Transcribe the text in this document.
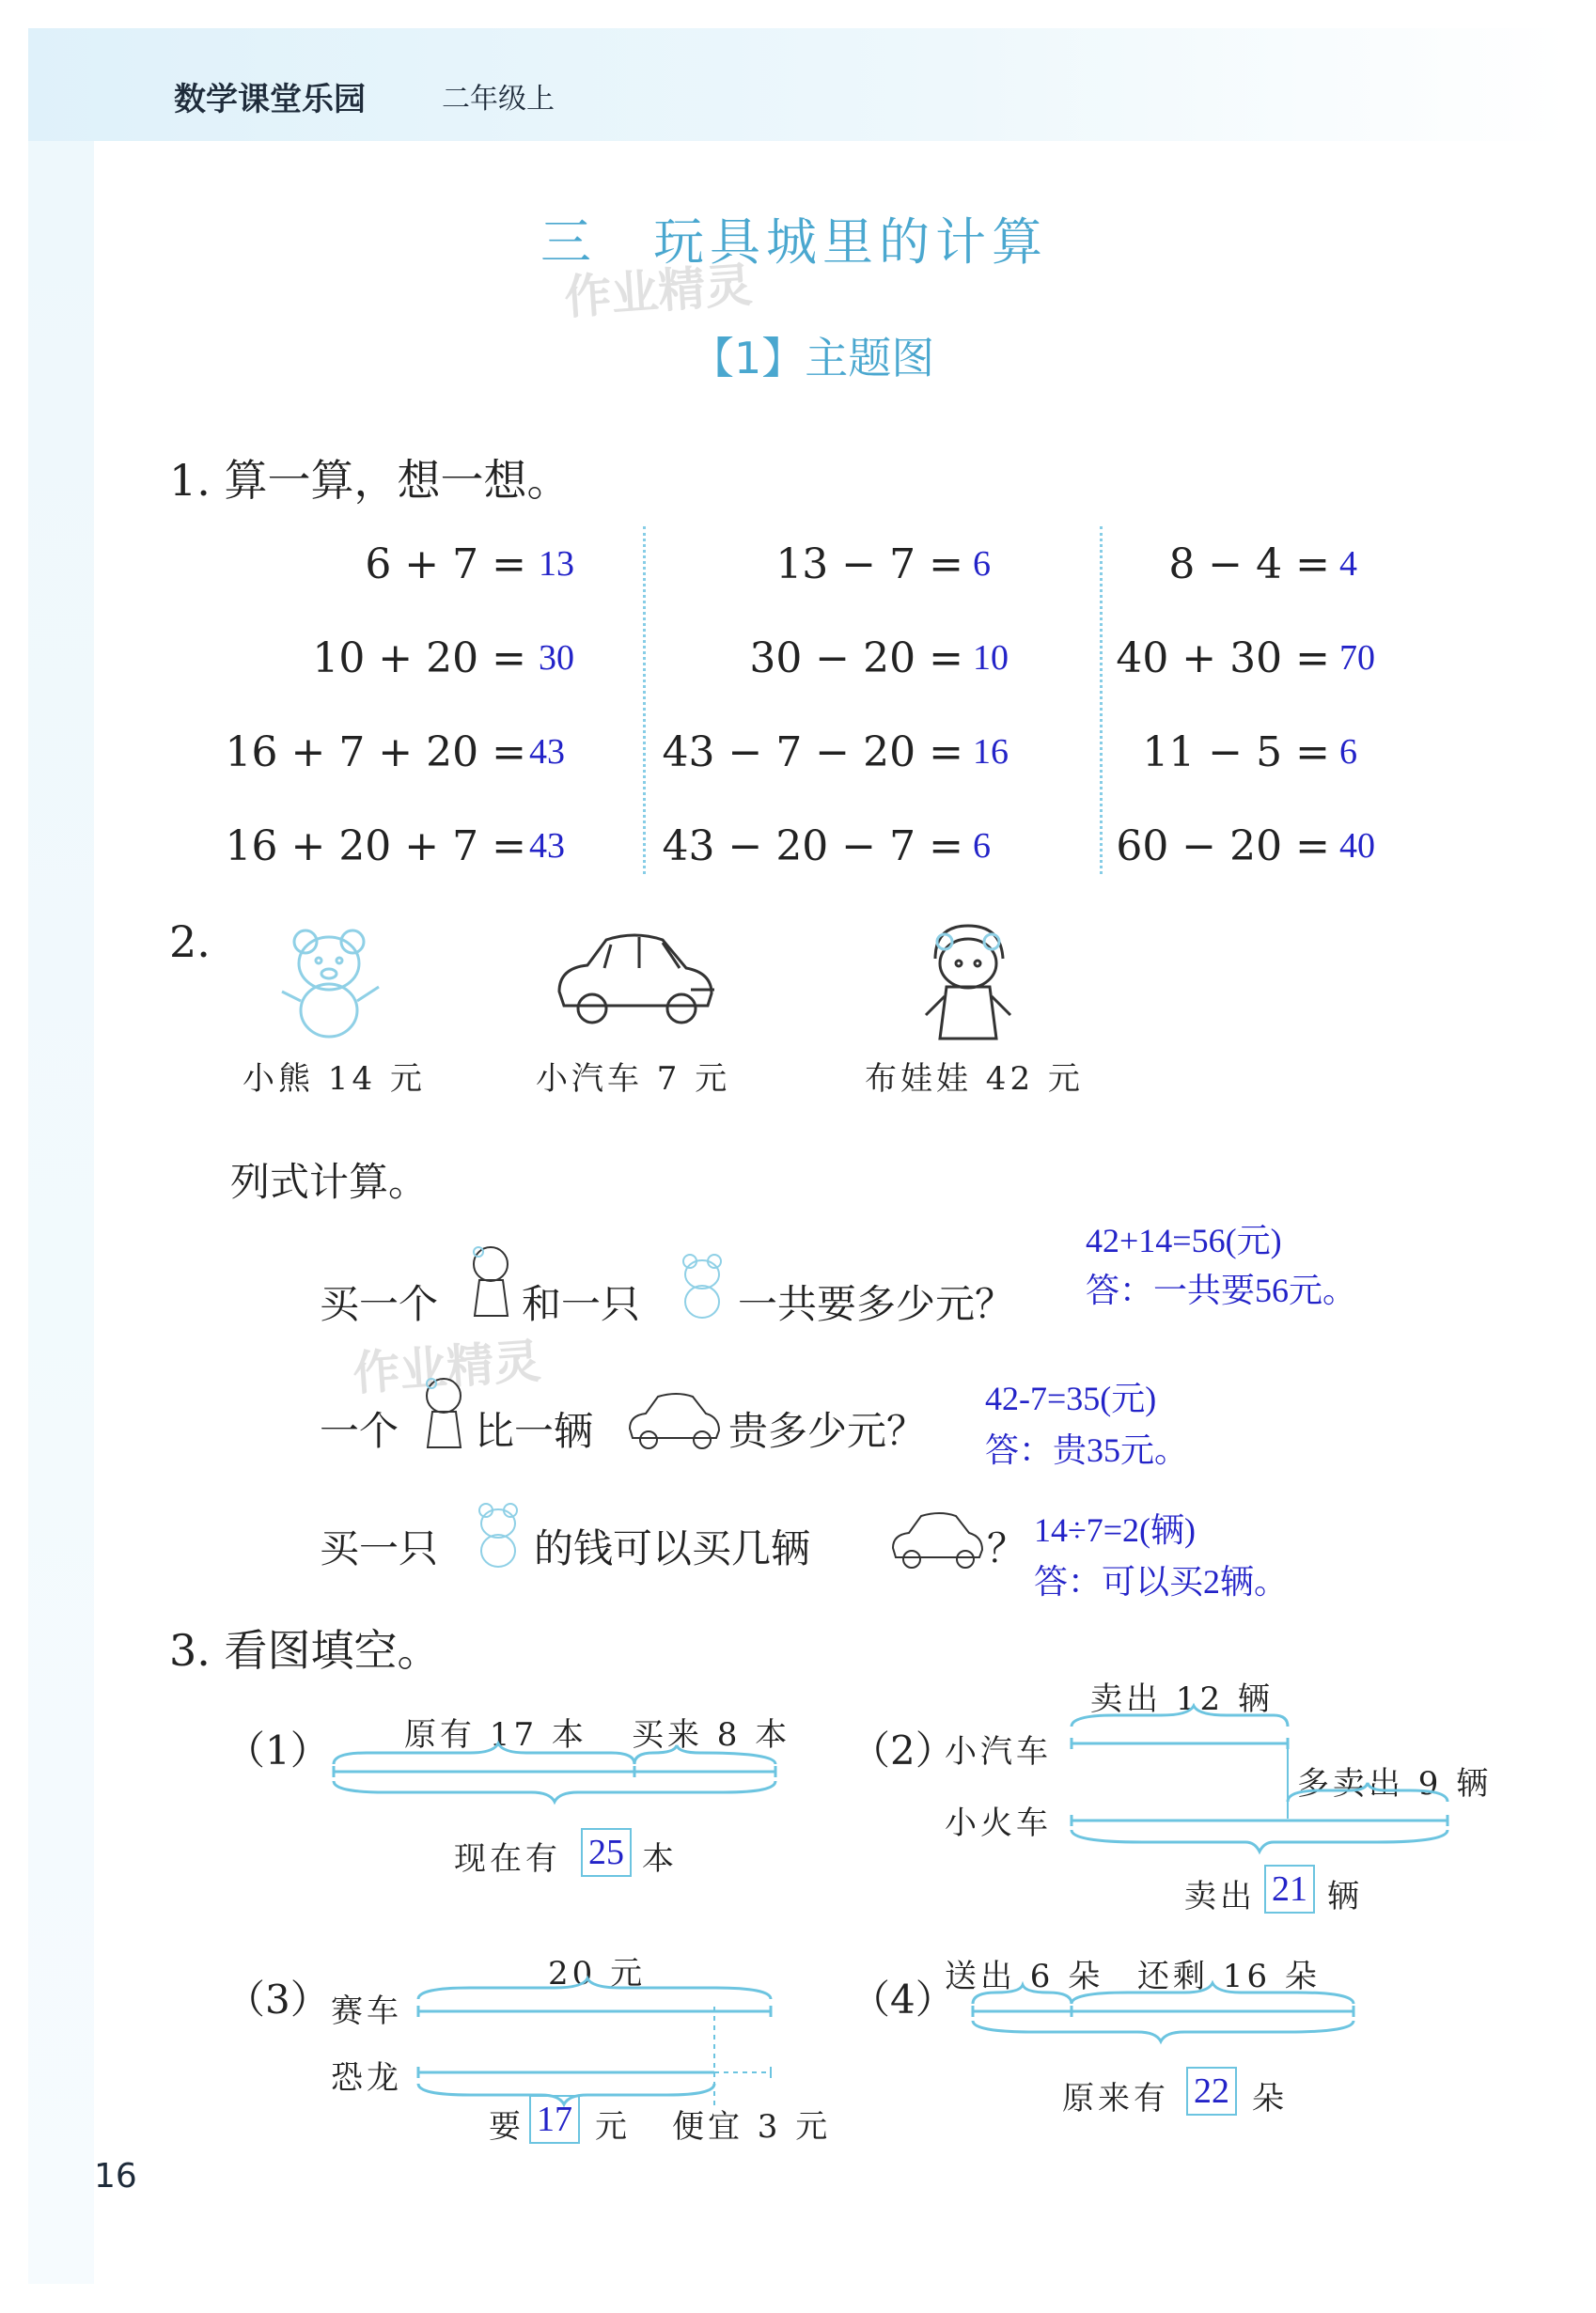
数学课堂乐园	二年级上
三　玩具城里的计算
作业精灵
【1】主题图
1. 算一算，想一想。
6 + 7 = 13
10 + 20 = 30
16 + 7 + 20 = 43
16 + 20 + 7 = 43
13 − 7 = 6
30 − 20 = 10
43 − 7 − 20 = 16
43 − 20 − 7 = 6
8 − 4 = 4
40 + 30 = 70
11 − 5 = 6
60 − 20 = 40
2.
小熊 14 元	小汽车 7 元	布娃娃 42 元
列式计算。
买一个 和一只 一共要多少元？
42+14=56(元)
答：一共要56元。
作业精灵
一个 比一辆	贵多少元？
42-7=35(元)
答：贵35元。
买一只 的钱可以买几辆	？ 14÷7=2(辆)
答：可以买2辆。
3. 看图填空。
（1） 原有 17 本 买来 8 本
现在有 25 本
（2）
卖出 12 辆
小汽车
小火车
多卖出 9 辆
卖出 21 辆
（3）
20 元
赛车
恐龙
要 17 元 便宜 3 元
（4）
送出 6 朵 还剩 16 朵
原来有 22 朵
16
